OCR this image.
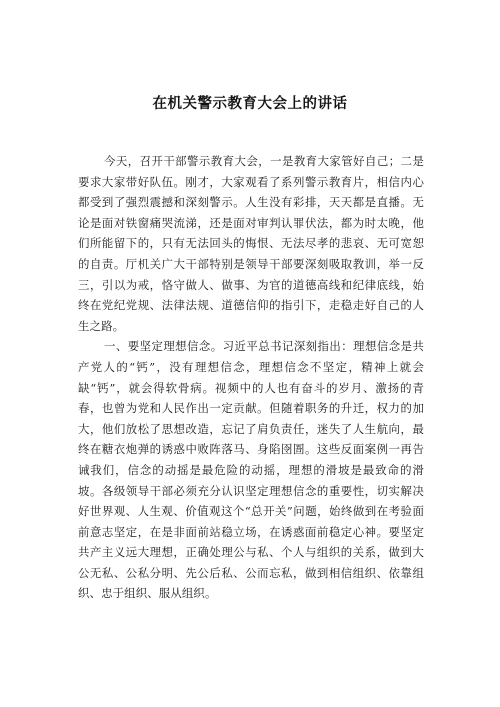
在机关警示教育大会上的讲话

今天，召开干部警示教育大会，一是教育大家管好自己；二是要求大家带好队伍。刚才，大家观看了系列警示教育片，相信内心都受到了强烈震撼和深刻警示。人生没有彩排，天天都是直播。无论是面对铁窗痛哭流涕，还是面对审判认罪伏法，都为时太晚，他们所能留下的，只有无法回头的悔恨、无法尽孝的悲哀、无可宽恕的自责。厅机关广大干部特别是领导干部要深刻吸取教训，举一反三，引以为戒，恪守做人、做事、为官的道德高线和纪律底线，始终在党纪党规、法律法规、道德信仰的指引下，走稳走好自己的人生之路。

一、要坚定理想信念。习近平总书记深刻指出：理想信念是共产党人的“钙”，没有理想信念，理想信念不坚定，精神上就会缺“钙”，就会得软骨病。视频中的人也有奋斗的岁月、激扬的青春，也曾为党和人民作出一定贡献。但随着职务的升迁，权力的加大，他们放松了思想改造，忘记了肩负责任，迷失了人生航向，最终在糖衣炮弹的诱惑中败阵落马、身陷囹圄。这些反面案例一再告诫我们，信念的动摇是最危险的动摇，理想的滑坡是最致命的滑坡。各级领导干部必须充分认识坚定理想信念的重要性，切实解决好世界观、人生观、价值观这个“总开关”问题，始终做到在考验面前意志坚定，在是非面前站稳立场，在诱惑面前稳定心神。要坚定共产主义远大理想，正确处理公与私、个人与组织的关系，做到大公无私、公私分明、先公后私、公而忘私，做到相信组织、依靠组织、忠于组织、服从组织。
